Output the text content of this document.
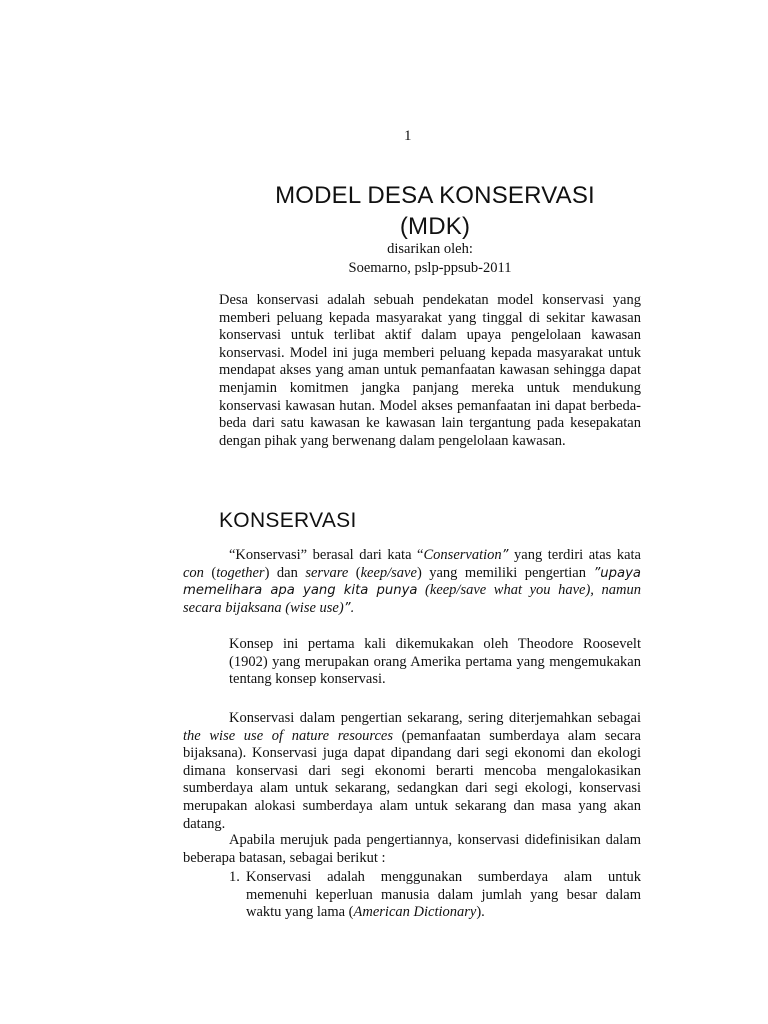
1
MODEL DESA KONSERVASI
(MDK)
disarikan oleh:
Soemarno, pslp-ppsub-2011

Desa konservasi adalah sebuah pendekatan model konservasi yang memberi peluang kepada masyarakat yang tinggal di sekitar kawasan konservasi untuk terlibat aktif dalam upaya pengelolaan kawasan konservasi. Model ini juga memberi peluang kepada masyarakat untuk mendapat akses yang aman untuk pemanfaatan kawasan sehingga dapat menjamin komitmen jangka panjang mereka untuk mendukung konservasi kawasan hutan. Model akses pemanfaatan ini dapat berbeda-beda dari satu kawasan ke kawasan lain tergantung pada kesepakatan dengan pihak yang berwenang dalam pengelolaan kawasan.

KONSERVASI

“Konservasi” berasal dari kata “Conservation” yang terdiri atas kata con (together) dan servare (keep/save) yang memiliki pengertian ”upaya memelihara apa yang kita punya (keep/save what you have), namun secara bijaksana (wise use)”.

Konsep ini pertama kali dikemukakan oleh Theodore Roosevelt (1902) yang merupakan orang Amerika pertama yang mengemukakan tentang konsep konservasi.

Konservasi dalam pengertian sekarang, sering diterjemahkan sebagai the wise use of nature resources (pemanfaatan sumberdaya alam secara bijaksana). Konservasi juga dapat dipandang dari segi ekonomi dan ekologi dimana konservasi dari segi ekonomi berarti mencoba mengalokasikan sumberdaya alam untuk sekarang, sedangkan dari segi ekologi, konservasi merupakan alokasi sumberdaya alam untuk sekarang dan masa yang akan datang.

Apabila merujuk pada pengertiannya, konservasi didefinisikan dalam beberapa batasan, sebagai berikut :

1. Konservasi adalah menggunakan sumberdaya alam untuk memenuhi keperluan manusia dalam jumlah yang besar dalam waktu yang lama (American Dictionary).
